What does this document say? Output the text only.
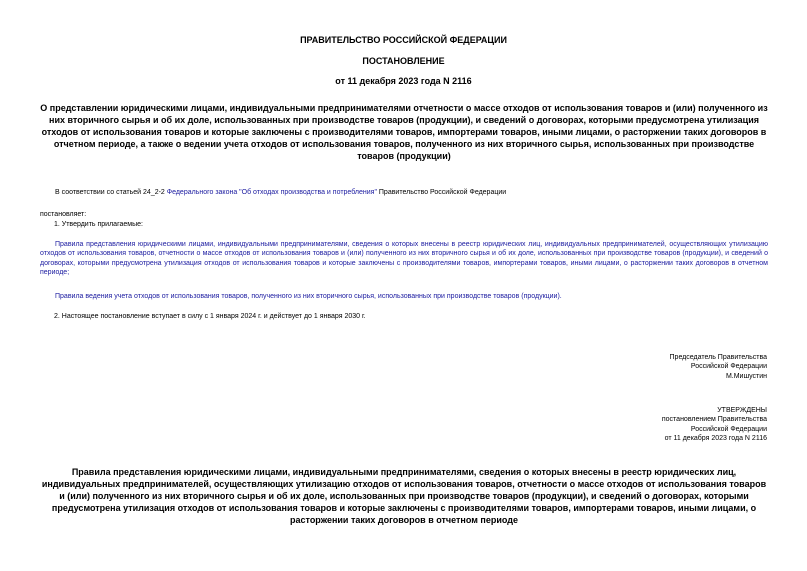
ПРАВИТЕЛЬСТВО РОССИЙСКОЙ ФЕДЕРАЦИИ
ПОСТАНОВЛЕНИЕ
от 11 декабря 2023 года N 2116
О представлении юридическими лицами, индивидуальными предпринимателями отчетности о массе отходов от использования товаров и (или) полученного из них вторичного сырья и об их доле, использованных при производстве товаров (продукции), и сведений о договорах, которыми предусмотрена утилизация отходов от использования товаров и которые заключены с производителями товаров, импортерами товаров, иными лицами, о расторжении таких договоров в отчетном периоде, а также о ведении учета отходов от использования товаров, полученного из них вторичного сырья, использованных при производстве товаров (продукции)
В соответствии со статьей 24_2-2 Федерального закона "Об отходах производства и потребления" Правительство Российской Федерации
постановляет:
1. Утвердить прилагаемые:
Правила представления юридическими лицами, индивидуальными предпринимателями, сведения о которых внесены в реестр юридических лиц, индивидуальных предпринимателей, осуществляющих утилизацию отходов от использования товаров, отчетности о массе отходов от использования товаров и (или) полученного из них вторичного сырья и об их доле, использованных при производстве товаров (продукции), и сведений о договорах, которыми предусмотрена утилизация отходов от использования товаров и которые заключены с производителями товаров, импортерами товаров, иными лицами, о расторжении таких договоров в отчетном периоде;
Правила ведения учета отходов от использования товаров, полученного из них вторичного сырья, использованных при производстве товаров (продукции).
2. Настоящее постановление вступает в силу с 1 января 2024 г. и действует до 1 января 2030 г.
Председатель Правительства
Российской Федерации
М.Мишустин
УТВЕРЖДЕНЫ
постановлением Правительства
Российской Федерации
от 11 декабря 2023 года N 2116
Правила представления юридическими лицами, индивидуальными предпринимателями, сведения о которых внесены в реестр юридических лиц, индивидуальных предпринимателей, осуществляющих утилизацию отходов от использования товаров, отчетности о массе отходов от использования товаров и (или) полученного из них вторичного сырья и об их доле, использованных при производстве товаров (продукции), и сведений о договорах, которыми предусмотрена утилизация отходов от использования товаров и которые заключены с производителями товаров, импортерами товаров, иными лицами, о расторжении таких договоров в отчетном периоде
